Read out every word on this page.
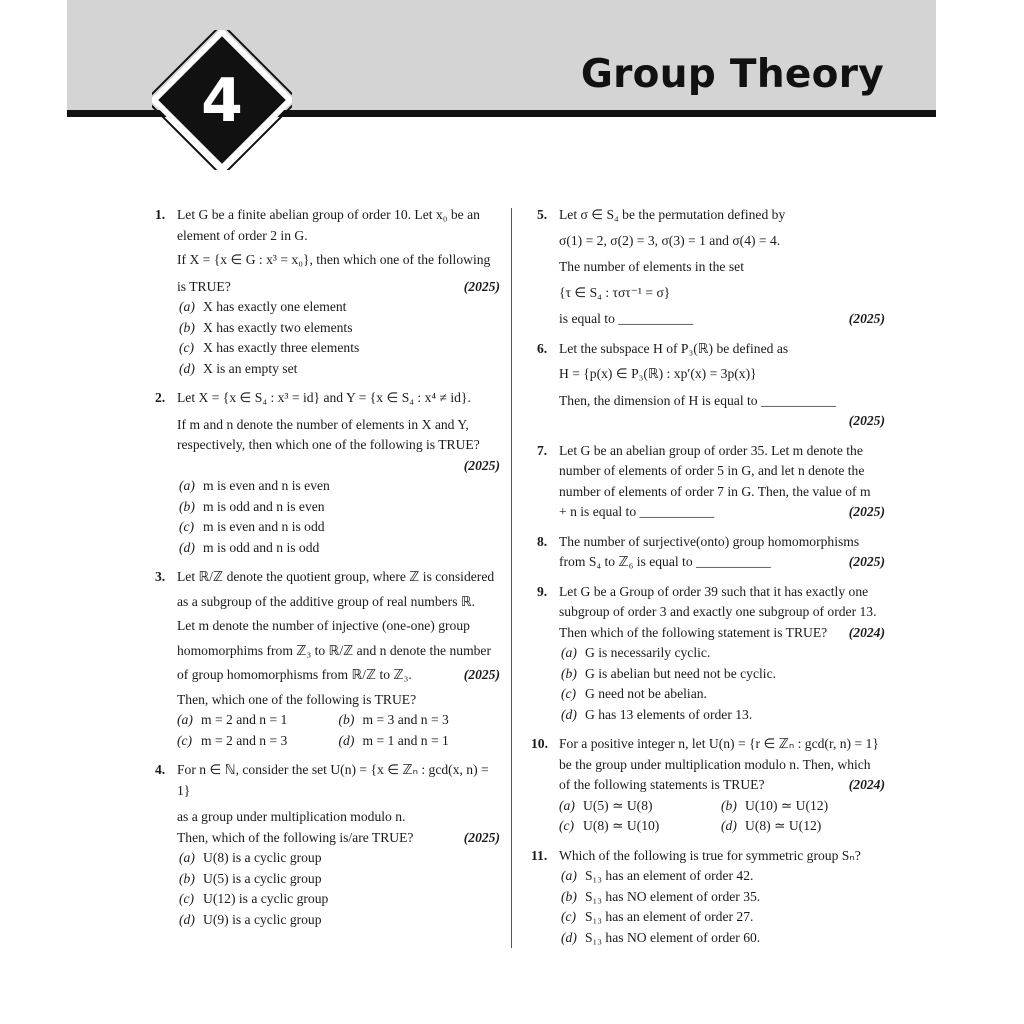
4	Group Theory
1. Let G be a finite abelian group of order 10. Let x₀ be an
element of order 2 in G.
If X = {x ∈ G : x³ = x₀}, then which one of the following
(2025)
is TRUE?
(a) X has exactly one element
(b) X has exactly two elements
(c) X has exactly three elements
(d) X is an empty set
2. Let X = {x ∈ S₄ : x³ = id} and Y = {x ∈ S₄ : x⁴ ≠ id}.
If m and n denote the number of elements in X and Y,
respectively, then which one of the following is TRUE?
(2025)
(a) m is even and n is even
(b) m is odd and n is even
(c) m is even and n is odd
(d) m is odd and n is odd
3. Let ℝ/ℤ denote the quotient group, where ℤ is considered
as a subgroup of the additive group of real numbers ℝ.
Let m denote the number of injective (one-one) group
homomorphims from ℤ₃ to ℝ/ℤ and n denote the number
(2025)
of group homomorphisms from ℝ/ℤ to ℤ₃.
Then, which one of the following is TRUE?
(a) m = 2 and n = 1	(b) m = 3 and n = 3
(c) m = 2 and n = 3	(d) m = 1 and n = 1
4. For n ∈ ℕ, consider the set U(n) = {x ∈ ℤₙ : gcd(x, n) = 1}
as a group under multiplication modulo n.
(2025)
Then, which of the following is/are TRUE?
(a) U(8) is a cyclic group
(b) U(5) is a cyclic group
(c) U(12) is a cyclic group
(d) U(9) is a cyclic group
5. Let σ ∈ S₄ be the permutation defined by
σ(1) = 2, σ(2) = 3, σ(3) = 1 and σ(4) = 4.
The number of elements in the set
{τ ∈ S₄ : τστ⁻¹ = σ}
(2025)
is equal to ___________
6. Let the subspace H of P₃(ℝ) be defined as
H = {p(x) ∈ P₃(ℝ) : xp′(x) = 3p(x)}
Then, the dimension of H is equal to ___________
(2025)
7. Let G be an abelian group of order 35. Let m denote the
number of elements of order 5 in G, and let n denote the
number of elements of order 7 in G. Then, the value of m
(2025)
+ n is equal to ___________
8. The number of surjective(onto) group homomorphisms
(2025)
from S₄ to ℤ₆ is equal to ___________
9. Let G be a Group of order 39 such that it has exactly one
subgroup of order 3 and exactly one subgroup of order 13.
(2024)
Then which of the following statement is TRUE?
(a) G is necessarily cyclic.
(b) G is abelian but need not be cyclic.
(c) G need not be abelian.
(d) G has 13 elements of order 13.
10. For a positive integer n, let U(n) = {r ∈ ℤₙ : gcd(r, n) = 1}
be the group under multiplication modulo n. Then, which
(2024)
of the following statements is TRUE?
(a) U(5) ≃ U(8)	(b) U(10) ≃ U(12)
(c) U(8) ≃ U(10)	(d) U(8) ≃ U(12)
11. Which of the following is true for symmetric group Sₙ?
(a) S₁₃ has an element of order 42.
(b) S₁₃ has NO element of order 35.
(c) S₁₃ has an element of order 27.
(d) S₁₃ has NO element of order 60.
